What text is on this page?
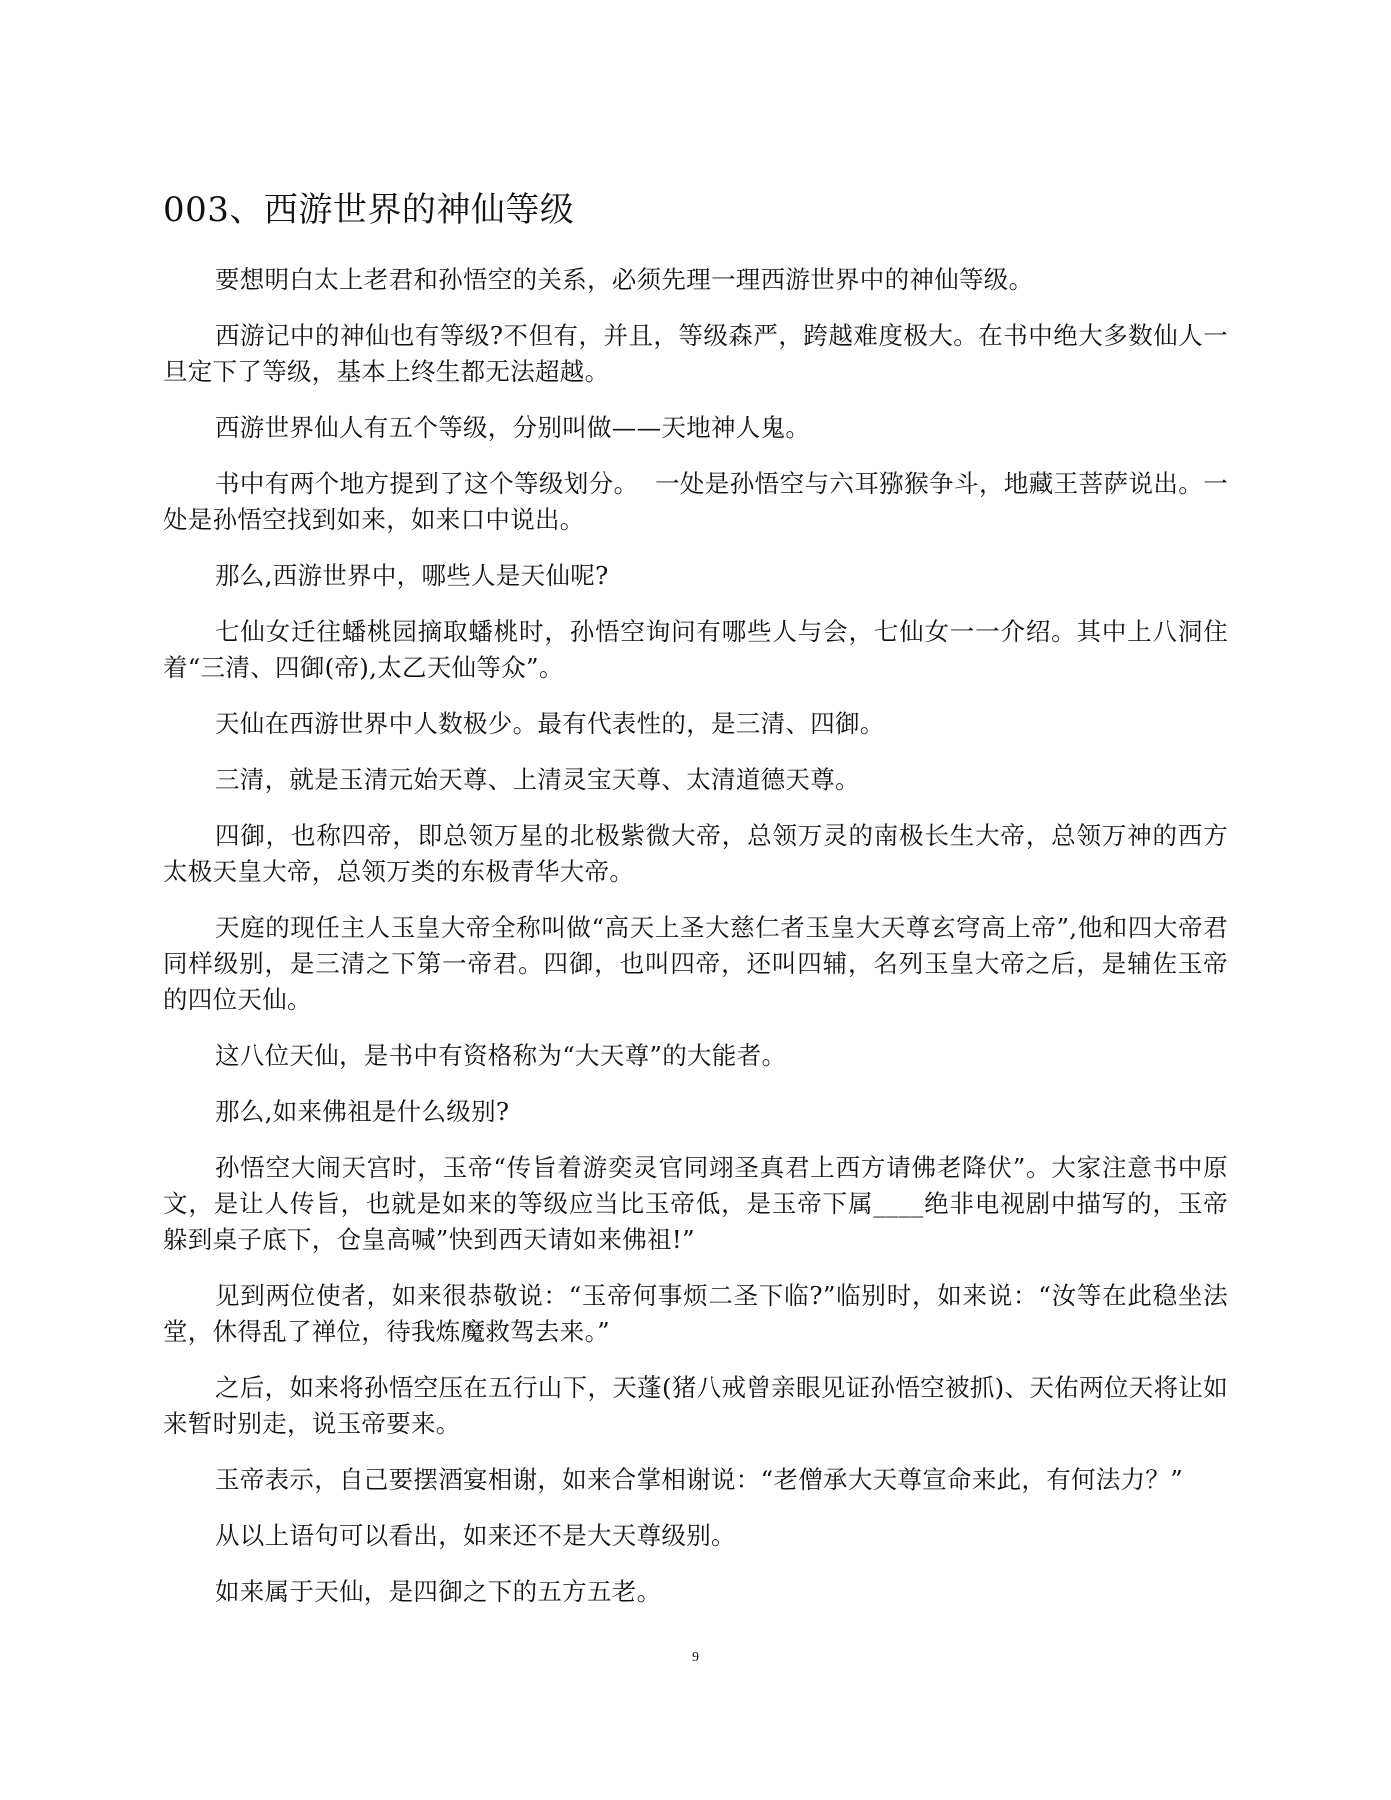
003、西游世界的神仙等级

要想明白太上老君和孙悟空的关系，必须先理一理西游世界中的神仙等级。

西游记中的神仙也有等级?不但有，并且，等级森严，跨越难度极大。在书中绝大多数仙人一旦定下了等级，基本上终生都无法超越。

西游世界仙人有五个等级，分别叫做——天地神人鬼。

书中有两个地方提到了这个等级划分。  一处是孙悟空与六耳猕猴争斗，地藏王菩萨说出。一处是孙悟空找到如来，如来口中说出。

那么,西游世界中，哪些人是天仙呢?

七仙女迁往蟠桃园摘取蟠桃时，孙悟空询问有哪些人与会，七仙女一一介绍。其中上八洞住着“三清、四御(帝),太乙天仙等众”。

天仙在西游世界中人数极少。最有代表性的，是三清、四御。

三清，就是玉清元始天尊、上清灵宝天尊、太清道德天尊。

四御，也称四帝，即总领万星的北极紫微大帝，总领万灵的南极长生大帝，总领万神的西方太极天皇大帝，总领万类的东极青华大帝。

天庭的现任主人玉皇大帝全称叫做“高天上圣大慈仁者玉皇大天尊玄穹高上帝”,他和四大帝君同样级别，是三清之下第一帝君。四御，也叫四帝，还叫四辅，名列玉皇大帝之后，是辅佐玉帝的四位天仙。

这八位天仙，是书中有资格称为“大天尊”的大能者。

那么,如来佛祖是什么级别?

孙悟空大闹天宫时，玉帝“传旨着游奕灵官同翊圣真君上西方请佛老降伏”。大家注意书中原文，是让人传旨，也就是如来的等级应当比玉帝低，是玉帝下属____绝非电视剧中描写的，玉帝躲到桌子底下，仓皇高喊”快到西天请如来佛祖!”

见到两位使者，如来很恭敬说：“玉帝何事烦二圣下临?”临别时，如来说：“汝等在此稳坐法堂，休得乱了禅位，待我炼魔救驾去来。”

之后，如来将孙悟空压在五行山下，天蓬(猪八戒曾亲眼见证孙悟空被抓)、天佑两位天将让如来暂时别走，说玉帝要来。

玉帝表示，自己要摆酒宴相谢，如来合掌相谢说：“老僧承大天尊宣命来此，有何法力？”

从以上语句可以看出，如来还不是大天尊级别。

如来属于天仙，是四御之下的五方五老。

9
